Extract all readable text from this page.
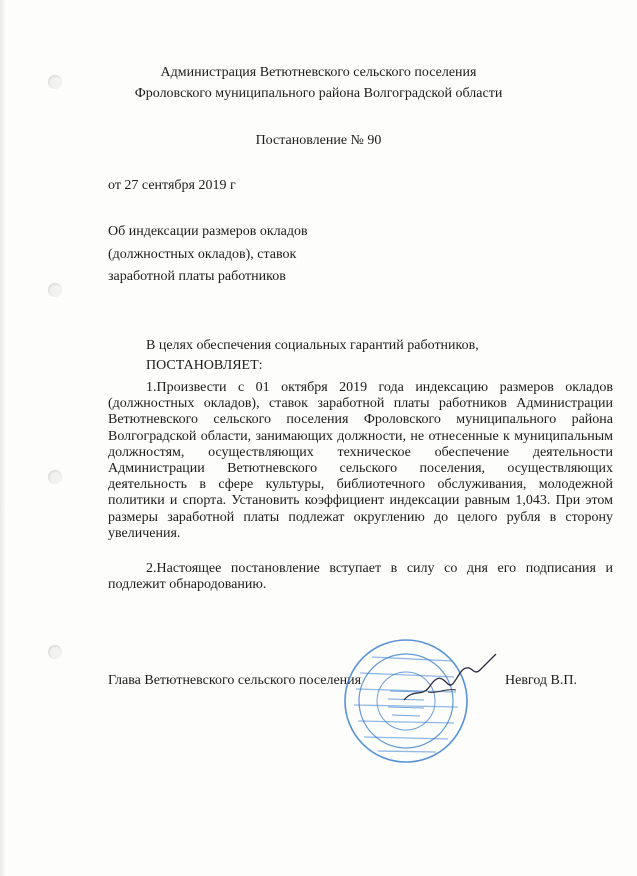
Администрация Ветютневского сельского поселения
Фроловского муниципального района Волгоградской области
Постановление № 90
от 27 сентября 2019 г
Об индексации размеров окладов
(должностных окладов), ставок
заработной платы работников
В целях обеспечения социальных гарантий работников,
ПОСТАНОВЛЯЕТ:

1.Произвести с 01 октября 2019 года индексацию размеров окладов (должностных окладов), ставок заработной платы работников Администрации Ветютневского сельского поселения Фроловского муниципального района Волгоградской области, занимающих должности, не отнесенные к муниципальным должностям, осуществляющих техническое обеспечение деятельности Администрации Ветютневского сельского поселения, осуществляющих деятельность в сфере культуры, библиотечного обслуживания, молодежной политики и спорта. Установить коэффициент индексации равным 1,043. При этом размеры заработной платы подлежат округлению до целого рубля в сторону увеличения.

2.Настоящее постановление вступает в силу со дня его подписания и подлежит обнародованию.

Глава Ветютневского сельского поселения	Невгод В.П.
